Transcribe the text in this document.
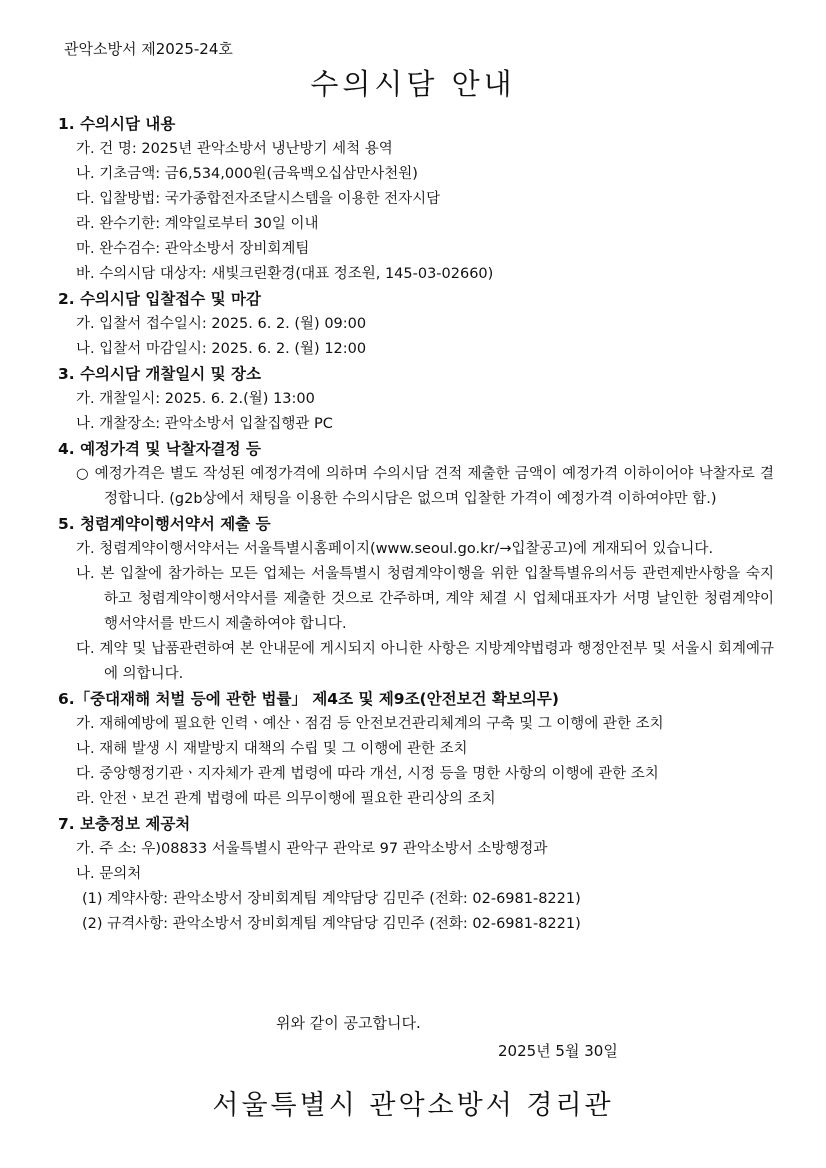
관악소방서 제2025-24호
수의시담 안내
1. 수의시담 내용
가. 건 명: 2025년 관악소방서 냉난방기 세척 용역
나. 기초금액: 금6,534,000원(금육백오십삼만사천원)
다. 입찰방법: 국가종합전자조달시스템을 이용한 전자시담
라. 완수기한: 계약일로부터 30일 이내
마. 완수검수: 관악소방서 장비회계팀
바. 수의시담 대상자: 새빛크린환경(대표 정조원, 145-03-02660)
2. 수의시담 입찰접수 및 마감
가. 입찰서 접수일시: 2025. 6. 2. (월) 09:00
나. 입찰서 마감일시: 2025. 6. 2. (월) 12:00
3. 수의시담 개찰일시 및 장소
가. 개찰일시: 2025. 6. 2.(월) 13:00
나. 개찰장소: 관악소방서 입찰집행관 PC
4. 예정가격 및 낙찰자결정 등
○ 예정가격은 별도 작성된 예정가격에 의하며 수의시담 견적 제출한 금액이 예정가격 이하이어야 낙찰자로 결정합니다. (g2b상에서 채팅을 이용한 수의시담은 없으며 입찰한 가격이 예정가격 이하여야만 함.)
5. 청렴계약이행서약서 제출 등
가. 청렴계약이행서약서는 서울특별시홈페이지(www.seoul.go.kr/→입찰공고)에 게재되어 있습니다.
나. 본 입찰에 참가하는 모든 업체는 서울특별시 청렴계약이행을 위한 입찰특별유의서등 관련제반사항을 숙지하고 청렴계약이행서약서를 제출한 것으로 간주하며, 계약 체결 시 업체대표자가 서명 날인한 청렴계약이행서약서를 반드시 제출하여야 합니다.
다. 계약 및 납품관련하여 본 안내문에 게시되지 아니한 사항은 지방계약법령과 행정안전부 및 서울시 회계예규에 의합니다.
6.「중대재해 처벌 등에 관한 법률」 제4조 및 제9조(안전보건 확보의무)
가. 재해예방에 필요한 인력ㆍ예산ㆍ점검 등 안전보건관리체계의 구축 및 그 이행에 관한 조치
나. 재해 발생 시 재발방지 대책의 수립 및 그 이행에 관한 조치
다. 중앙행정기관ㆍ지자체가 관계 법령에 따라 개선, 시정 등을 명한 사항의 이행에 관한 조치
라. 안전ㆍ보건 관계 법령에 따른 의무이행에 필요한 관리상의 조치
7. 보충정보 제공처
가. 주 소: 우)08833 서울특별시 관악구 관악로 97 관악소방서 소방행정과
나. 문의처
(1) 계약사항: 관악소방서 장비회계팀 계약담당 김민주 (전화: 02-6981-8221)
(2) 규격사항: 관악소방서 장비회계팀 계약담당 김민주 (전화: 02-6981-8221)
위와 같이 공고합니다.
2025년 5월 30일
서울특별시 관악소방서 경리관
